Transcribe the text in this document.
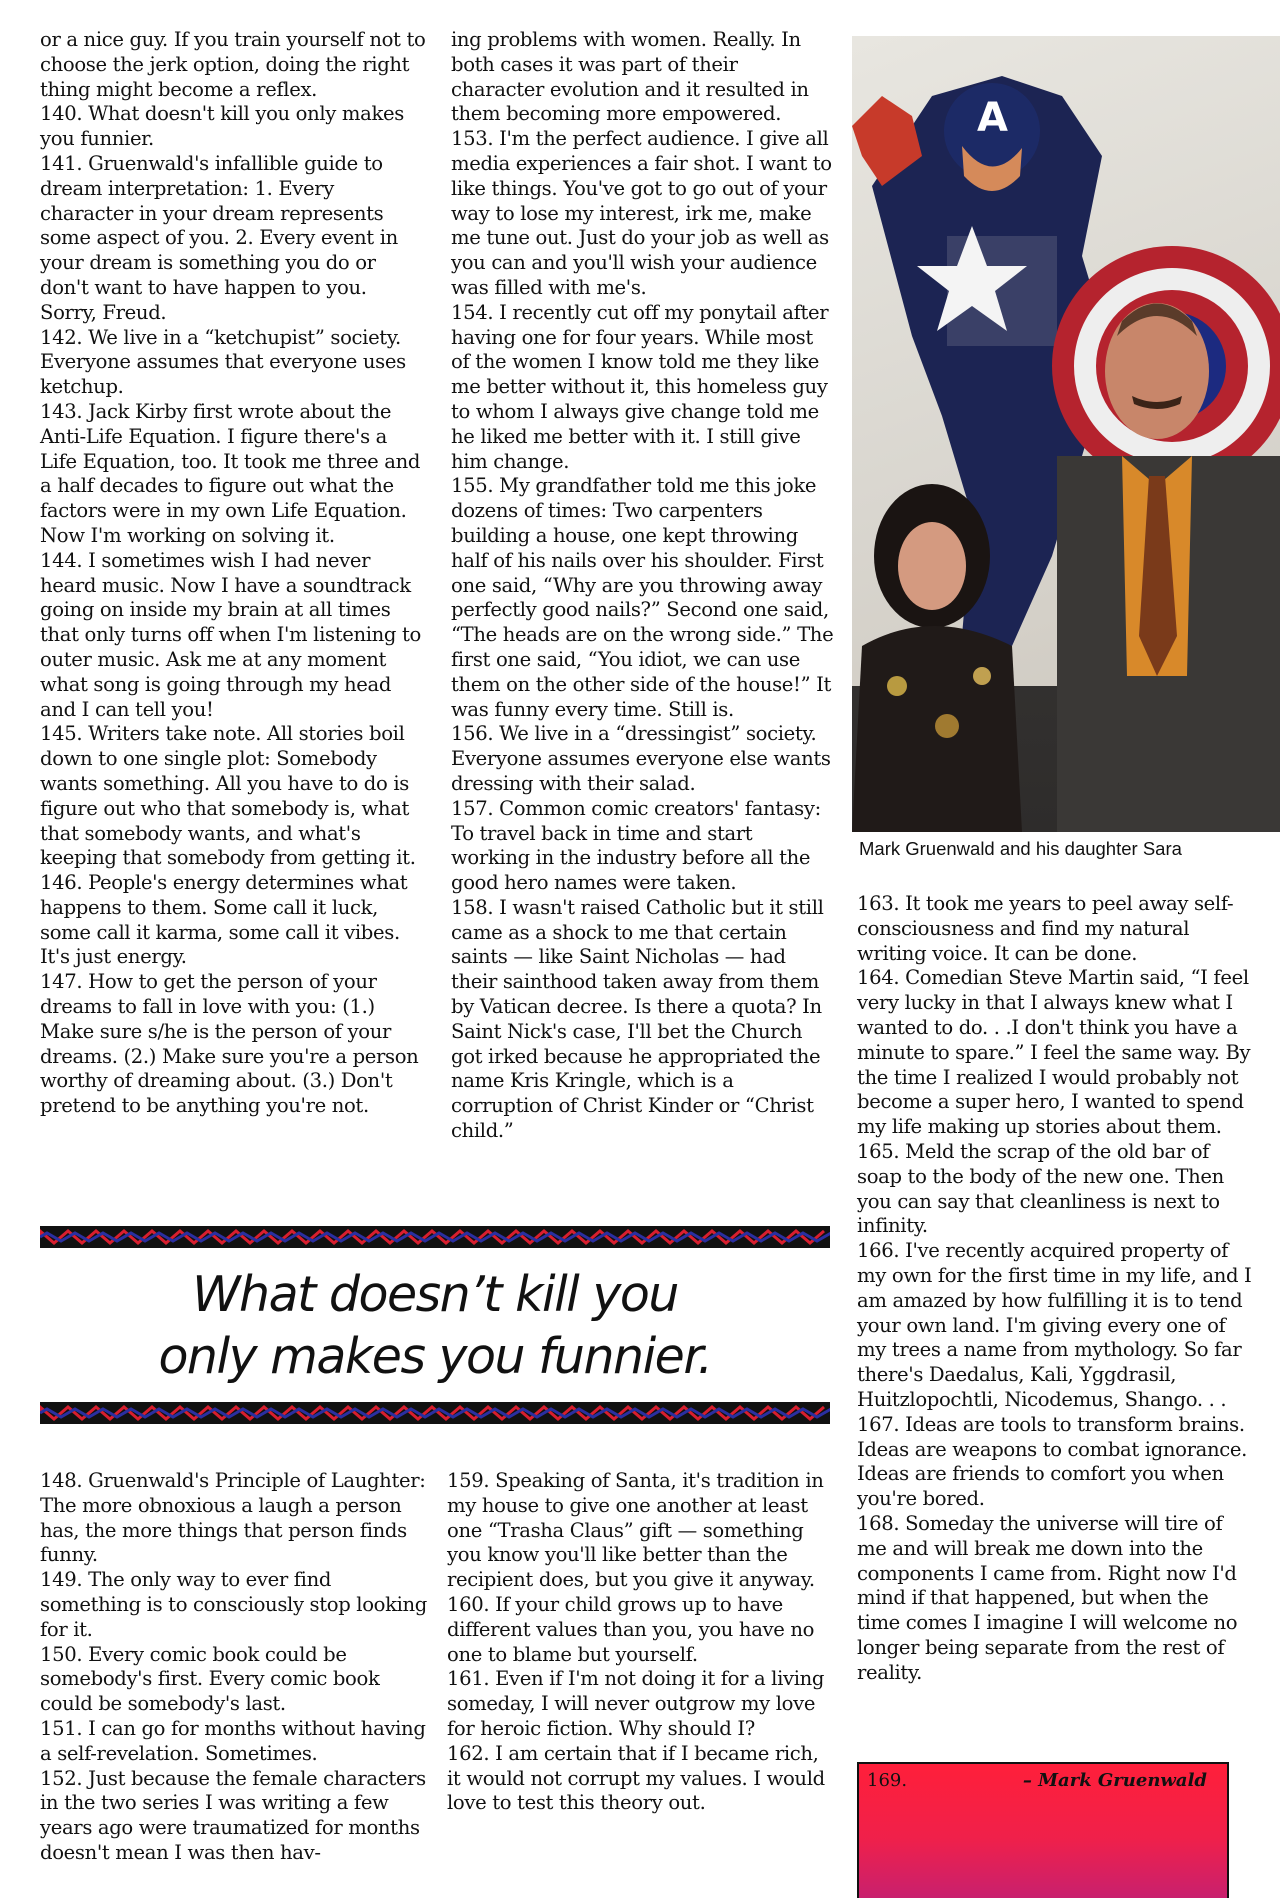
or a nice guy. If you train yourself not to choose the jerk option, doing the right thing might become a reflex.

140. What doesn't kill you only makes you funnier.

141. Gruenwald's infallible guide to dream interpretation: 1. Every character in your dream represents some aspect of you. 2. Every event in your dream is something you do or don't want to have happen to you. Sorry, Freud.

142. We live in a “ketchupist” society. Everyone assumes that everyone uses ketchup.

143. Jack Kirby first wrote about the Anti-Life Equation. I figure there's a Life Equation, too. It took me three and a half decades to figure out what the factors were in my own Life Equation. Now I'm working on solving it.

144. I sometimes wish I had never heard music. Now I have a soundtrack going on inside my brain at all times that only turns off when I'm listening to outer music. Ask me at any moment what song is going through my head and I can tell you!

145. Writers take note. All stories boil down to one single plot: Somebody wants something. All you have to do is figure out who that somebody is, what that somebody wants, and what's keeping that somebody from getting it.

146. People's energy determines what happens to them. Some call it luck, some call it karma, some call it vibes. It's just energy.

147. How to get the person of your dreams to fall in love with you: (1.) Make sure s/he is the person of your dreams. (2.) Make sure you're a person worthy of dreaming about. (3.) Don't pretend to be anything you're not.

ing problems with women. Really. In both cases it was part of their character evolution and it resulted in them becoming more empowered.

153. I'm the perfect audience. I give all media experiences a fair shot. I want to like things. You've got to go out of your way to lose my interest, irk me, make me tune out. Just do your job as well as you can and you'll wish your audience was filled with me's.

154. I recently cut off my ponytail after having one for four years. While most of the women I know told me they like me better without it, this homeless guy to whom I always give change told me he liked me better with it. I still give him change.

155. My grandfather told me this joke dozens of times: Two carpenters building a house, one kept throwing half of his nails over his shoulder. First one said, “Why are you throwing away perfectly good nails?” Second one said, “The heads are on the wrong side.” The first one said, “You idiot, we can use them on the other side of the house!” It was funny every time. Still is.

156. We live in a “dressingist” society. Everyone assumes everyone else wants dressing with their salad.

157. Common comic creators' fantasy: To travel back in time and start working in the industry before all the good hero names were taken.

158. I wasn't raised Catholic but it still came as a shock to me that certain saints — like Saint Nicholas — had their sainthood taken away from them by Vatican decree. Is there a quota? In Saint Nick's case, I'll bet the Church got irked because he appropriated the name Kris Kringle, which is a corruption of Christ Kinder or “Christ child.”

A
Mark Gruenwald and his daughter Sara
What doesn’t kill you
only makes you funnier.

163. It took me years to peel away self-consciousness and find my natural writing voice. It can be done.

164. Comedian Steve Martin said, “I feel very lucky in that I always knew what I wanted to do. . .I don't think you have a minute to spare.” I feel the same way. By the time I realized I would probably not become a super hero, I wanted to spend my life making up stories about them.

165. Meld the scrap of the old bar of soap to the body of the new one. Then you can say that cleanliness is next to infinity.

166. I've recently acquired property of my own for the first time in my life, and I am amazed by how fulfilling it is to tend your own land. I'm giving every one of my trees a name from mythology. So far there's Daedalus, Kali, Yggdrasil, Huitzlopochtli, Nicodemus, Shango. . .

167. Ideas are tools to transform brains. Ideas are weapons to combat ignorance. Ideas are friends to comfort you when you're bored.

168. Someday the universe will tire of me and will break me down into the components I came from. Right now I'd mind if that happened, but when the time comes I imagine I will welcome no longer being separate from the rest of reality.

148. Gruenwald's Principle of Laughter: The more obnoxious a laugh a person has, the more things that person finds funny.

149. The only way to ever find something is to consciously stop looking for it.

150. Every comic book could be somebody's first. Every comic book could be somebody's last.

151. I can go for months without having a self-revelation. Sometimes.

152. Just because the female characters in the two series I was writing a few years ago were traumatized for months doesn't mean I was then hav-

159. Speaking of Santa, it's tradition in my house to give one another at least one “Trasha Claus” gift — something you know you'll like better than the recipient does, but you give it anyway.

160. If your child grows up to have different values than you, you have no one to blame but yourself.

161. Even if I'm not doing it for a living someday, I will never outgrow my love for heroic fiction. Why should I?

162. I am certain that if I became rich, it would not corrupt my values. I would love to test this theory out.

169.	– Mark Gruenwald
